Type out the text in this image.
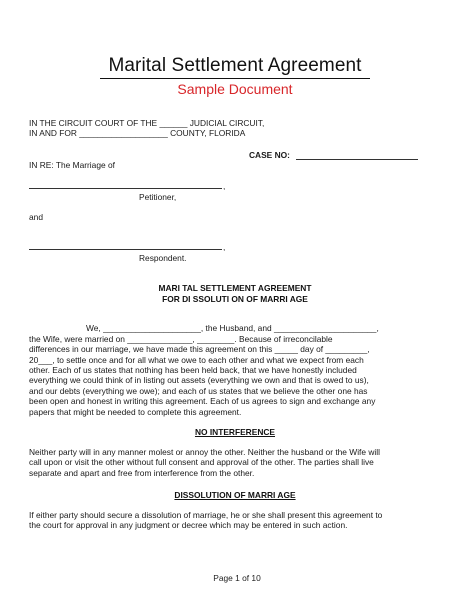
Marital Settlement Agreement
Sample Document
IN THE CIRCUIT COURT OF THE ______ JUDICIAL CIRCUIT,
IN AND FOR ___________________ COUNTY, FLORIDA
CASE NO:
IN RE: The Marriage of
,
Petitioner,
and
,
Respondent.
MARI TAL SETTLEMENT AGREEMENT
FOR DI SSOLUTI ON OF MARRI AGE
We, _____________________, the Husband, and ______________________,
the Wife, were married on ______________, ________. Because of irreconcilable
differences in our marriage, we have made this agreement on this _____ day of _________,
20___, to settle once and for all what we owe to each other and what we expect from each
other. Each of us states that nothing has been held back, that we have honestly included
everything we could think of in listing out assets (everything we own and that is owed to us),
and our debts (everything we owe); and each of us states that we believe the other one has
been open and honest in writing this agreement. Each of us agrees to sign and exchange any
papers that might be needed to complete this agreement.
NO INTERFERENCE
Neither party will in any manner molest or annoy the other. Neither the husband or the Wife will
call upon or visit the other without full consent and approval of the other. The parties shall live
separate and apart and free from interference from the other.
DISSOLUTION OF MARRI AGE
If either party should secure a dissolution of marriage, he or she shall present this agreement to
the court for approval in any judgment or decree which may be entered in such action.
Page 1 of 10
